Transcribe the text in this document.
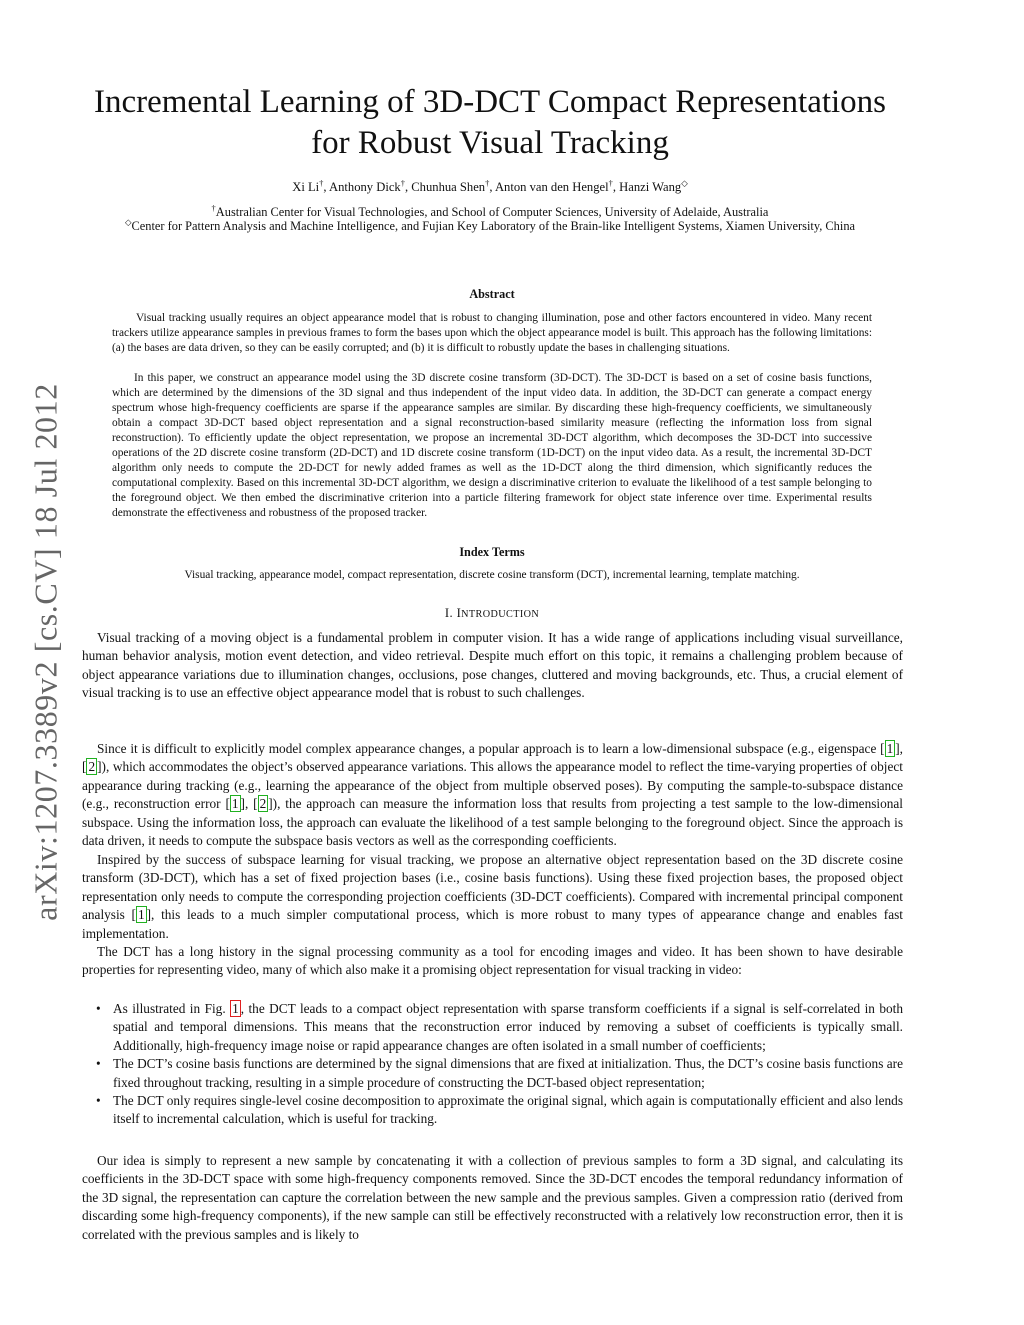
arXiv:1207.3389v2 [cs.CV] 18 Jul 2012
Incremental Learning of 3D-DCT Compact Representations
for Robust Visual Tracking
Xi Li†, Anthony Dick†, Chunhua Shen†, Anton van den Hengel†, Hanzi Wang◇
†Australian Center for Visual Technologies, and School of Computer Sciences, University of Adelaide, Australia
◇Center for Pattern Analysis and Machine Intelligence, and Fujian Key Laboratory of the Brain-like Intelligent Systems, Xiamen University, China
Abstract

Visual tracking usually requires an object appearance model that is robust to changing illumination, pose and other factors encountered in video. Many recent trackers utilize appearance samples in previous frames to form the bases upon which the object appearance model is built. This approach has the following limitations: (a) the bases are data driven, so they can be easily corrupted; and (b) it is difficult to robustly update the bases in challenging situations.

In this paper, we construct an appearance model using the 3D discrete cosine transform (3D-DCT). The 3D-DCT is based on a set of cosine basis functions, which are determined by the dimensions of the 3D signal and thus independent of the input video data. In addition, the 3D-DCT can generate a compact energy spectrum whose high-frequency coefficients are sparse if the appearance samples are similar. By discarding these high-frequency coefficients, we simultaneously obtain a compact 3D-DCT based object representation and a signal reconstruction-based similarity measure (reflecting the information loss from signal reconstruction). To efficiently update the object representation, we propose an incremental 3D-DCT algorithm, which decomposes the 3D-DCT into successive operations of the 2D discrete cosine transform (2D-DCT) and 1D discrete cosine transform (1D-DCT) on the input video data. As a result, the incremental 3D-DCT algorithm only needs to compute the 2D-DCT for newly added frames as well as the 1D-DCT along the third dimension, which significantly reduces the computational complexity. Based on this incremental 3D-DCT algorithm, we design a discriminative criterion to evaluate the likelihood of a test sample belonging to the foreground object. We then embed the discriminative criterion into a particle filtering framework for object state inference over time. Experimental results demonstrate the effectiveness and robustness of the proposed tracker.

Index Terms
Visual tracking, appearance model, compact representation, discrete cosine transform (DCT), incremental learning, template matching.
I. INTRODUCTION

Visual tracking of a moving object is a fundamental problem in computer vision. It has a wide range of applications including visual surveillance, human behavior analysis, motion event detection, and video retrieval. Despite much effort on this topic, it remains a challenging problem because of object appearance variations due to illumination changes, occlusions, pose changes, cluttered and moving backgrounds, etc. Thus, a crucial element of visual tracking is to use an effective object appearance model that is robust to such challenges.

Since it is difficult to explicitly model complex appearance changes, a popular approach is to learn a low-dimensional subspace (e.g., eigenspace [ 1 ], [ 2 ]), which accommodates the object’s observed appearance variations. This allows the appearance model to reflect the time-varying properties of object appearance during tracking (e.g., learning the appearance of the object from multiple observed poses). By computing the sample-to-subspace distance (e.g., reconstruction error [ 1 ], [ 2 ]), the approach can measure the information loss that results from projecting a test sample to the low-dimensional subspace. Using the information loss, the approach can evaluate the likelihood of a test sample belonging to the foreground object. Since the approach is data driven, it needs to compute the subspace basis vectors as well as the corresponding coefficients.

Inspired by the success of subspace learning for visual tracking, we propose an alternative object representation based on the 3D discrete cosine transform (3D-DCT), which has a set of fixed projection bases (i.e., cosine basis functions). Using these fixed projection bases, the proposed object representation only needs to compute the corresponding projection coefficients (3D-DCT coefficients). Compared with incremental principal component analysis [ 1 ], this leads to a much simpler computational process, which is more robust to many types of appearance change and enables fast implementation.

The DCT has a long history in the signal processing community as a tool for encoding images and video. It has been shown to have desirable properties for representing video, many of which also make it a promising object representation for visual tracking in video:

• As illustrated in Fig. 1 , the DCT leads to a compact object representation with sparse transform coefficients if a signal is self-correlated in both spatial and temporal dimensions. This means that the reconstruction error induced by removing a subset of coefficients is typically small. Additionally, high-frequency image noise or rapid appearance changes are often isolated in a small number of coefficients;
• The DCT’s cosine basis functions are determined by the signal dimensions that are fixed at initialization. Thus, the DCT’s cosine basis functions are fixed throughout tracking, resulting in a simple procedure of constructing the DCT-based object representation;
• The DCT only requires single-level cosine decomposition to approximate the original signal, which again is computationally efficient and also lends itself to incremental calculation, which is useful for tracking.

Our idea is simply to represent a new sample by concatenating it with a collection of previous samples to form a 3D signal, and calculating its coefficients in the 3D-DCT space with some high-frequency components removed. Since the 3D-DCT encodes the temporal redundancy information of the 3D signal, the representation can capture the correlation between the new sample and the previous samples. Given a compression ratio (derived from discarding some high-frequency components), if the new sample can still be effectively reconstructed with a relatively low reconstruction error, then it is correlated with the previous samples and is likely to
